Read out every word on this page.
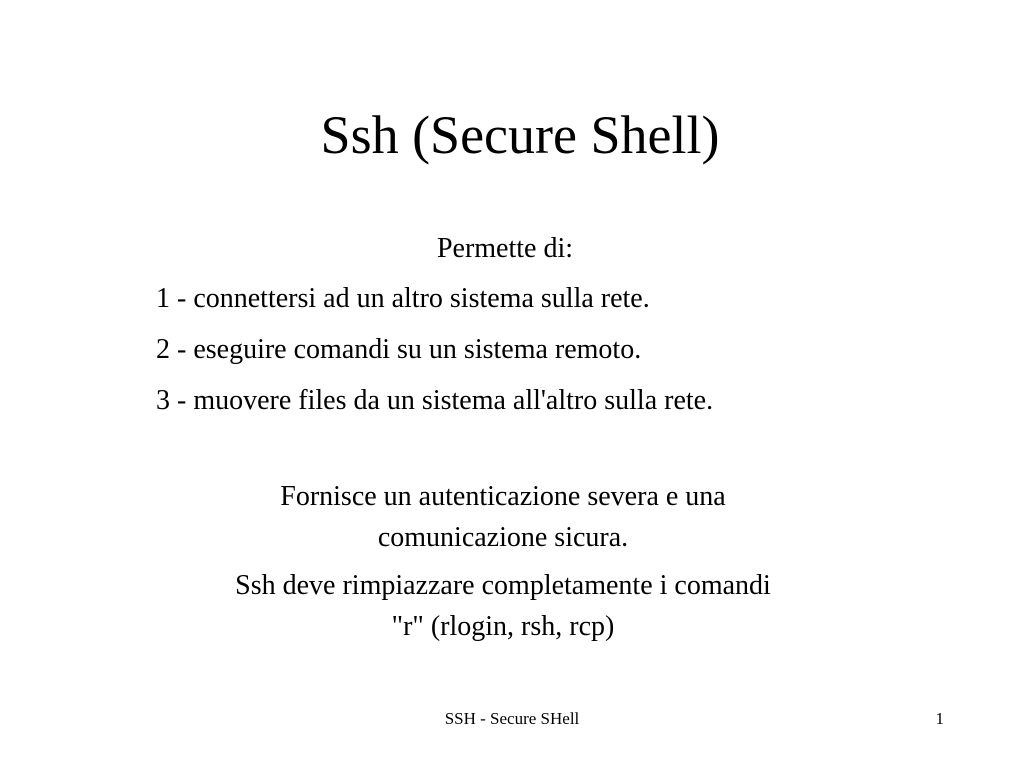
Ssh (Secure Shell)

Permette di:

1 - connettersi ad un altro sistema sulla rete.
2 - eseguire comandi su un sistema remoto.
3 - muovere files da un sistema all'altro sulla rete.

Fornisce un autenticazione severa e una
comunicazione sicura.

Ssh deve rimpiazzare completamente i comandi
"r" (rlogin, rsh, rcp)

SSH - Secure SHell	1
